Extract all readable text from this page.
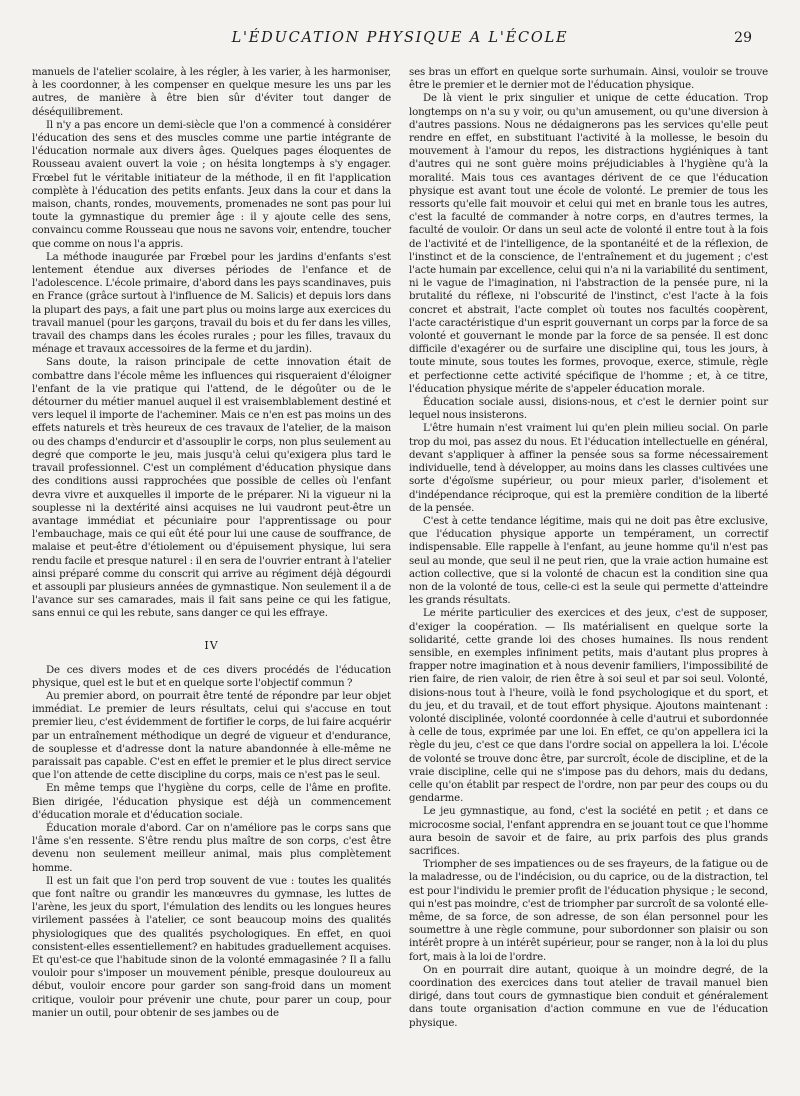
L'ÉDUCATION PHYSIQUE A L'ÉCOLE	29

manuels de l'atelier scolaire, à les régler, à les varier, à les harmoniser, à les coordonner, à les compenser en quelque mesure les uns par les autres, de manière à être bien sûr d'éviter tout danger de déséquilibrement.

Il n'y a pas encore un demi-siècle que l'on a commencé à considérer l'éducation des sens et des muscles comme une partie intégrante de l'éducation normale aux divers âges. Quelques pages éloquentes de Rousseau avaient ouvert la voie ; on hésita longtemps à s'y engager. Frœbel fut le véritable initiateur de la méthode, il en fit l'application complète à l'éducation des petits enfants. Jeux dans la cour et dans la maison, chants, rondes, mouvements, promenades ne sont pas pour lui toute la gymnastique du premier âge : il y ajoute celle des sens, convaincu comme Rousseau que nous ne savons voir, entendre, toucher que comme on nous l'a appris.

La méthode inaugurée par Frœbel pour les jardins d'enfants s'est lentement étendue aux diverses périodes de l'enfance et de l'adolescence. L'école primaire, d'abord dans les pays scandinaves, puis en France (grâce surtout à l'influence de M. Salicis) et depuis lors dans la plupart des pays, a fait une part plus ou moins large aux exercices du travail manuel (pour les garçons, travail du bois et du fer dans les villes, travail des champs dans les écoles rurales ; pour les filles, travaux du ménage et travaux accessoires de la ferme et du jardin).

Sans doute, la raison principale de cette innovation était de combattre dans l'école même les influences qui risqueraient d'éloigner l'enfant de la vie pratique qui l'attend, de le dégoûter ou de le détourner du métier manuel auquel il est vraisemblablement destiné et vers lequel il importe de l'acheminer. Mais ce n'en est pas moins un des effets naturels et très heureux de ces travaux de l'atelier, de la maison ou des champs d'endurcir et d'assouplir le corps, non plus seulement au degré que comporte le jeu, mais jusqu'à celui qu'exigera plus tard le travail professionnel. C'est un complément d'éducation physique dans des conditions aussi rapprochées que possible de celles où l'enfant devra vivre et auxquelles il importe de le préparer. Ni la vigueur ni la souplesse ni la dextérité ainsi acquises ne lui vaudront peut-être un avantage immédiat et pécuniaire pour l'apprentissage ou pour l'embauchage, mais ce qui eût été pour lui une cause de souffrance, de malaise et peut-être d'étiolement ou d'épuisement physique, lui sera rendu facile et presque naturel : il en sera de l'ouvrier entrant à l'atelier ainsi préparé comme du conscrit qui arrive au régiment déjà dégourdi et assoupli par plusieurs années de gymnastique. Non seulement il a de l'avance sur ses camarades, mais il fait sans peine ce qui les fatigue, sans ennui ce qui les rebute, sans danger ce qui les effraye.

IV

De ces divers modes et de ces divers procédés de l'éducation physique, quel est le but et en quelque sorte l'objectif commun ?

Au premier abord, on pourrait être tenté de répondre par leur objet immédiat. Le premier de leurs résultats, celui qui s'accuse en tout premier lieu, c'est évidemment de fortifier le corps, de lui faire acquérir par un entraînement méthodique un degré de vigueur et d'endurance, de souplesse et d'adresse dont la nature abandonnée à elle-même ne paraissait pas capable. C'est en effet le premier et le plus direct service que l'on attende de cette discipline du corps, mais ce n'est pas le seul.

En même temps que l'hygiène du corps, celle de l'âme en profite. Bien dirigée, l'éducation physique est déjà un commencement d'éducation morale et d'éducation sociale.

Éducation morale d'abord. Car on n'améliore pas le corps sans que l'âme s'en ressente. S'être rendu plus maître de son corps, c'est être devenu non seulement meilleur animal, mais plus complètement homme.

Il est un fait que l'on perd trop souvent de vue : toutes les qualités que font naître ou grandir les manœuvres du gymnase, les luttes de l'arène, les jeux du sport, l'émulation des lendits ou les longues heures virilement passées à l'atelier, ce sont beaucoup moins des qualités physiologiques que des qualités psychologiques. En effet, en quoi consistent-elles essentiellement? en habitudes graduellement acquises. Et qu'est-ce que l'habitude sinon de la volonté emmagasinée ? Il a fallu vouloir pour s'imposer un mouvement pénible, presque douloureux au début, vouloir encore pour garder son sang-froid dans un moment critique, vouloir pour prévenir une chute, pour parer un coup, pour manier un outil, pour obtenir de ses jambes ou de

ses bras un effort en quelque sorte surhumain. Ainsi, vouloir se trouve être le premier et le dernier mot de l'éducation physique.

De là vient le prix singulier et unique de cette éducation. Trop longtemps on n'a su y voir, ou qu'un amusement, ou qu'une diversion à d'autres passions. Nous ne dédaignerons pas les services qu'elle peut rendre en effet, en substituant l'activité à la mollesse, le besoin du mouvement à l'amour du repos, les distractions hygiéniques à tant d'autres qui ne sont guère moins préjudiciables à l'hygiène qu'à la moralité. Mais tous ces avantages dérivent de ce que l'éducation physique est avant tout une école de volonté. Le premier de tous les ressorts qu'elle fait mouvoir et celui qui met en branle tous les autres, c'est la faculté de commander à notre corps, en d'autres termes, la faculté de vouloir. Or dans un seul acte de volonté il entre tout à la fois de l'activité et de l'intelligence, de la spontanéité et de la réflexion, de l'instinct et de la conscience, de l'entraînement et du jugement ; c'est l'acte humain par excellence, celui qui n'a ni la variabilité du sentiment, ni le vague de l'imagination, ni l'abstraction de la pensée pure, ni la brutalité du réflexe, ni l'obscurité de l'instinct, c'est l'acte à la fois concret et abstrait, l'acte complet où toutes nos facultés coopèrent, l'acte caractéristique d'un esprit gouvernant un corps par la force de sa volonté et gouvernant le monde par la force de sa pensée. Il est donc difficile d'exagérer ou de surfaire une discipline qui, tous les jours, à toute minute, sous toutes les formes, provoque, exerce, stimule, règle et perfectionne cette activité spécifique de l'homme ; et, à ce titre, l'éducation physique mérite de s'appeler éducation morale.

Éducation sociale aussi, disions-nous, et c'est le dernier point sur lequel nous insisterons.

L'être humain n'est vraiment lui qu'en plein milieu social. On parle trop du moi, pas assez du nous. Et l'éducation intellectuelle en général, devant s'appliquer à affiner la pensée sous sa forme nécessairement individuelle, tend à développer, au moins dans les classes cultivées une sorte d'égoïsme supérieur, ou pour mieux parler, d'isolement et d'indépendance réciproque, qui est la première condition de la liberté de la pensée.

C'est à cette tendance légitime, mais qui ne doit pas être exclusive, que l'éducation physique apporte un tempérament, un correctif indispensable. Elle rappelle à l'enfant, au jeune homme qu'il n'est pas seul au monde, que seul il ne peut rien, que la vraie action humaine est action collective, que si la volonté de chacun est la condition sine qua non de la volonté de tous, celle-ci est la seule qui permette d'atteindre les grands résultats.

Le mérite particulier des exercices et des jeux, c'est de supposer, d'exiger la coopération. — Ils matérialisent en quelque sorte la solidarité, cette grande loi des choses humaines. Ils nous rendent sensible, en exemples infiniment petits, mais d'autant plus propres à frapper notre imagination et à nous devenir familiers, l'impossibilité de rien faire, de rien valoir, de rien être à soi seul et par soi seul. Volonté, disions-nous tout à l'heure, voilà le fond psychologique et du sport, et du jeu, et du travail, et de tout effort physique. Ajoutons maintenant : volonté disciplinée, volonté coordonnée à celle d'autrui et subordonnée à celle de tous, exprimée par une loi. En effet, ce qu'on appellera ici la règle du jeu, c'est ce que dans l'ordre social on appellera la loi. L'école de volonté se trouve donc être, par surcroît, école de discipline, et de la vraie discipline, celle qui ne s'impose pas du dehors, mais du dedans, celle qu'on établit par respect de l'ordre, non par peur des coups ou du gendarme.

Le jeu gymnastique, au fond, c'est la société en petit ; et dans ce microcosme social, l'enfant apprendra en se jouant tout ce que l'homme aura besoin de savoir et de faire, au prix parfois des plus grands sacrifices.

Triompher de ses impatiences ou de ses frayeurs, de la fatigue ou de la maladresse, ou de l'indécision, ou du caprice, ou de la distraction, tel est pour l'individu le premier profit de l'éducation physique ; le second, qui n'est pas moindre, c'est de triompher par surcroît de sa volonté elle-même, de sa force, de son adresse, de son élan personnel pour les soumettre à une règle commune, pour subordonner son plaisir ou son intérêt propre à un intérêt supérieur, pour se ranger, non à la loi du plus fort, mais à la loi de l'ordre.

On en pourrait dire autant, quoique à un moindre degré, de la coordination des exercices dans tout atelier de travail manuel bien dirigé, dans tout cours de gymnastique bien conduit et généralement dans toute organisation d'action commune en vue de l'éducation physique.
